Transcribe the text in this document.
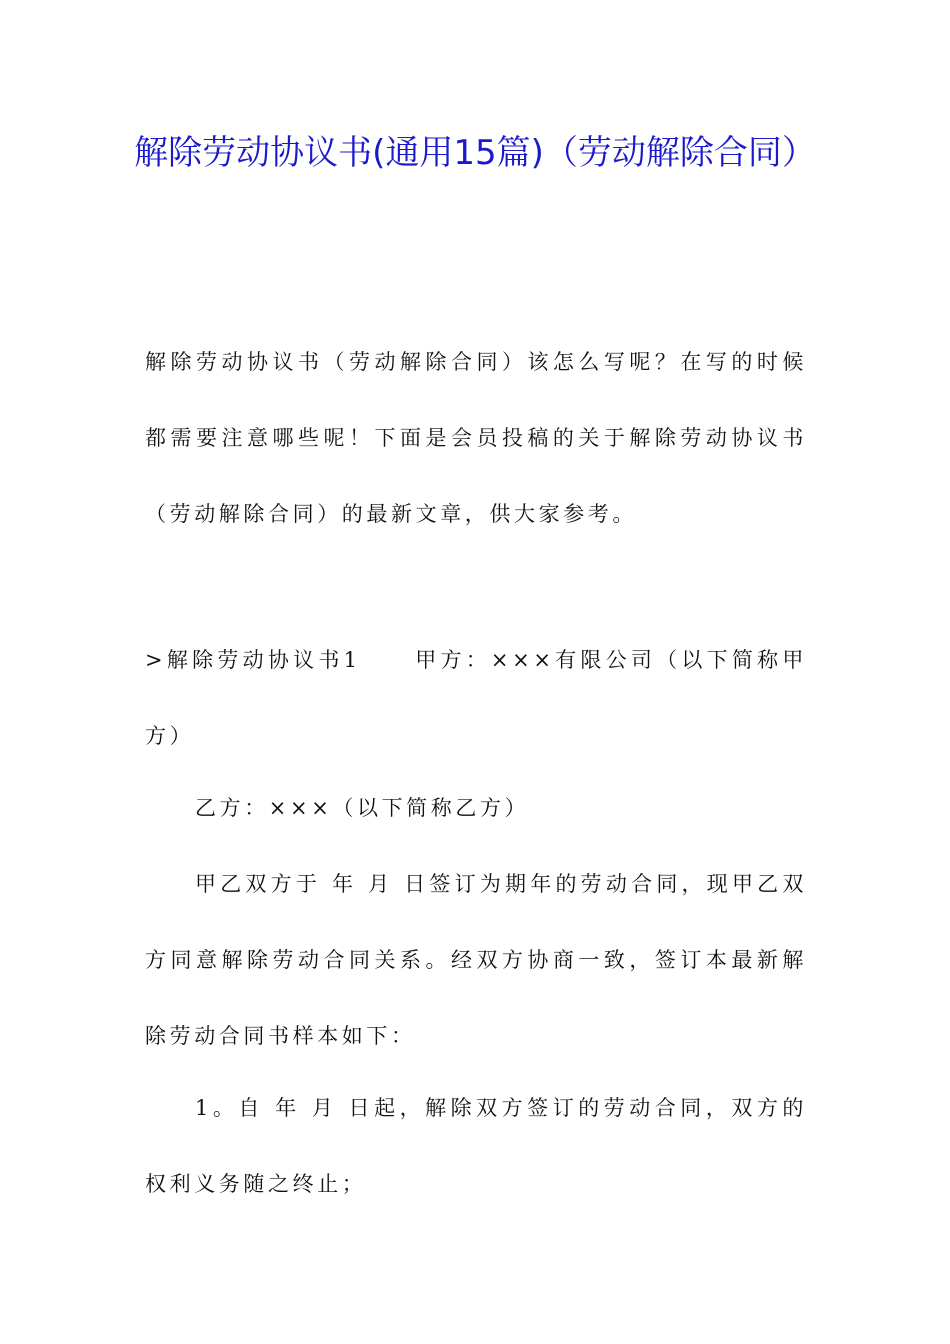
解除劳动协议书(通用15篇)（劳动解除合同）

解除劳动协议书（劳动解除合同）该怎么写呢？在写的时候都需要注意哪些呢！下面是会员投稿的关于解除劳动协议书（劳动解除合同）的最新文章，供大家参考。

>解除劳动协议书1	甲方：×××有限公司（以下简称甲方）

乙方：×××（以下简称乙方）

甲乙双方于 年 月 日签订为期年的劳动合同，现甲乙双方同意解除劳动合同关系。经双方协商一致，签订本最新解除劳动合同书样本如下：

1。自 年 月 日起，解除双方签订的劳动合同，双方的权利义务随之终止；
